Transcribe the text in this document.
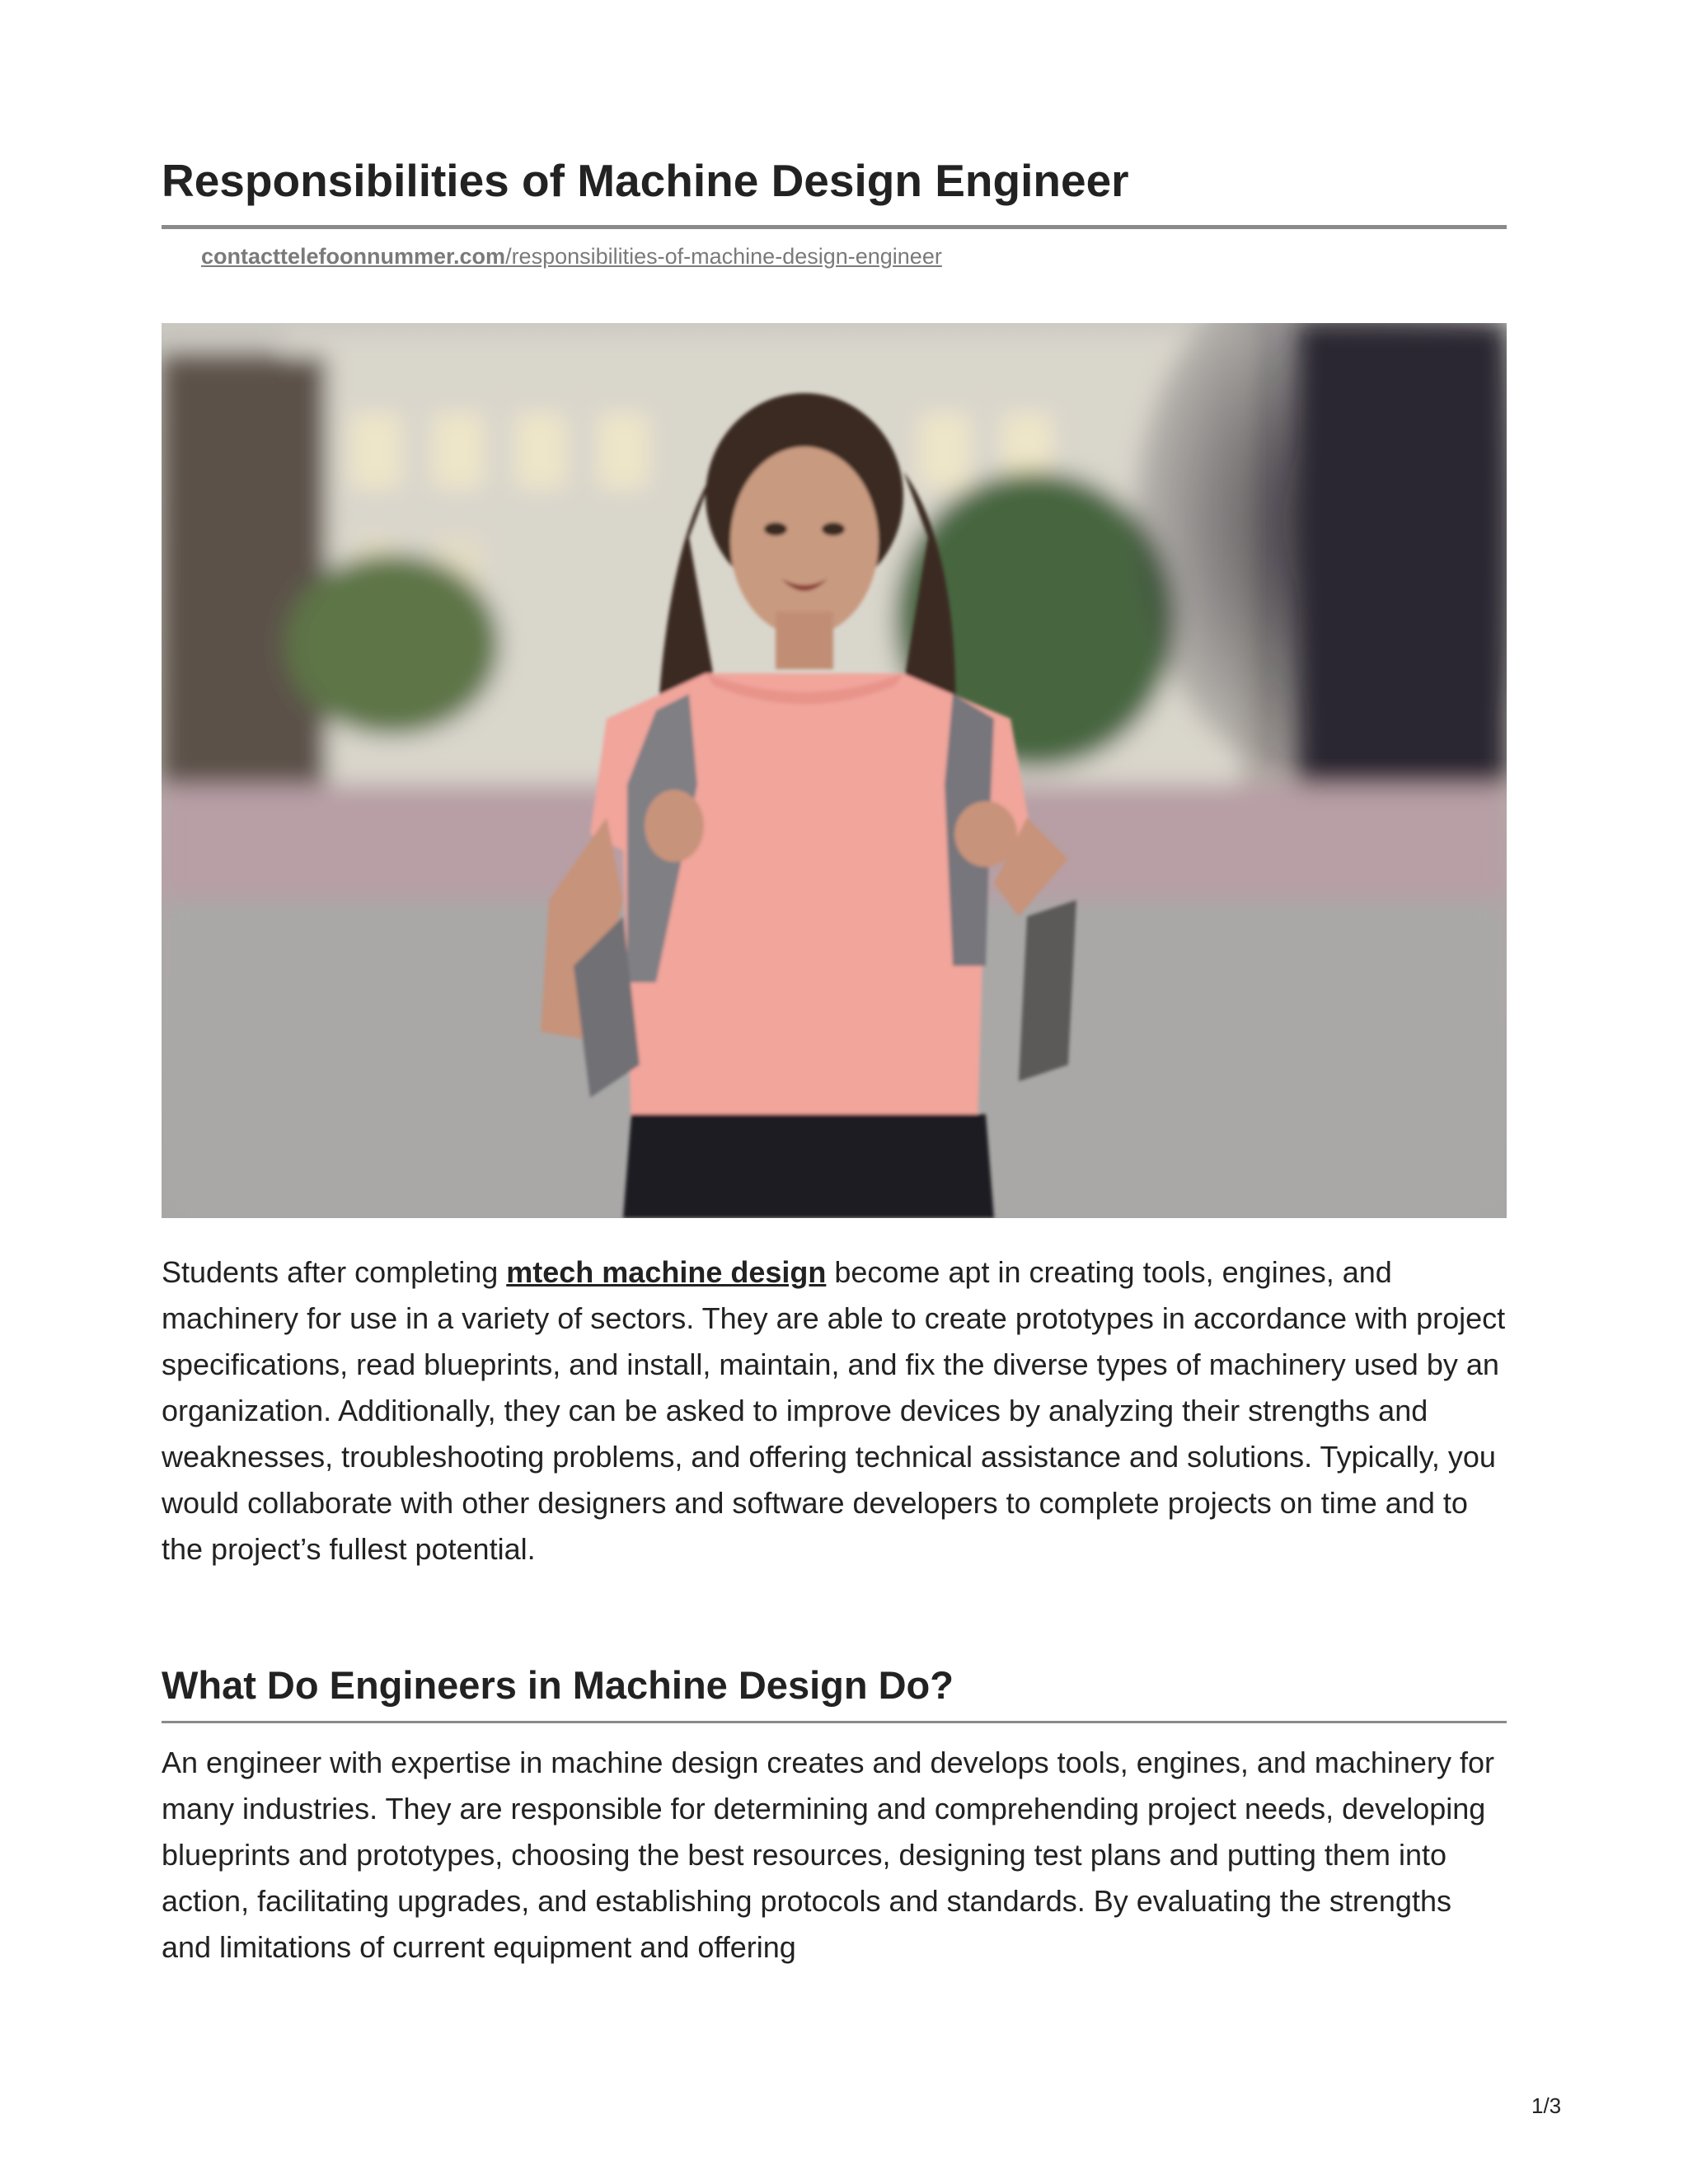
Responsibilities of Machine Design Engineer
contacttelefoonnummer.com/responsibilities-of-machine-design-engineer

Students after completing mtech machine design become apt in creating tools, engines, and machinery for use in a variety of sectors. They are able to create prototypes in accordance with project specifications, read blueprints, and install, maintain, and fix the diverse types of machinery used by an organization. Additionally, they can be asked to improve devices by analyzing their strengths and weaknesses, troubleshooting problems, and offering technical assistance and solutions. Typically, you would collaborate with other designers and software developers to complete projects on time and to the project’s fullest potential.

What Do Engineers in Machine Design Do?

An engineer with expertise in machine design creates and develops tools, engines, and machinery for many industries. They are responsible for determining and comprehending project needs, developing blueprints and prototypes, choosing the best resources, designing test plans and putting them into action, facilitating upgrades, and establishing protocols and standards. By evaluating the strengths and limitations of current equipment and offering

1/3
